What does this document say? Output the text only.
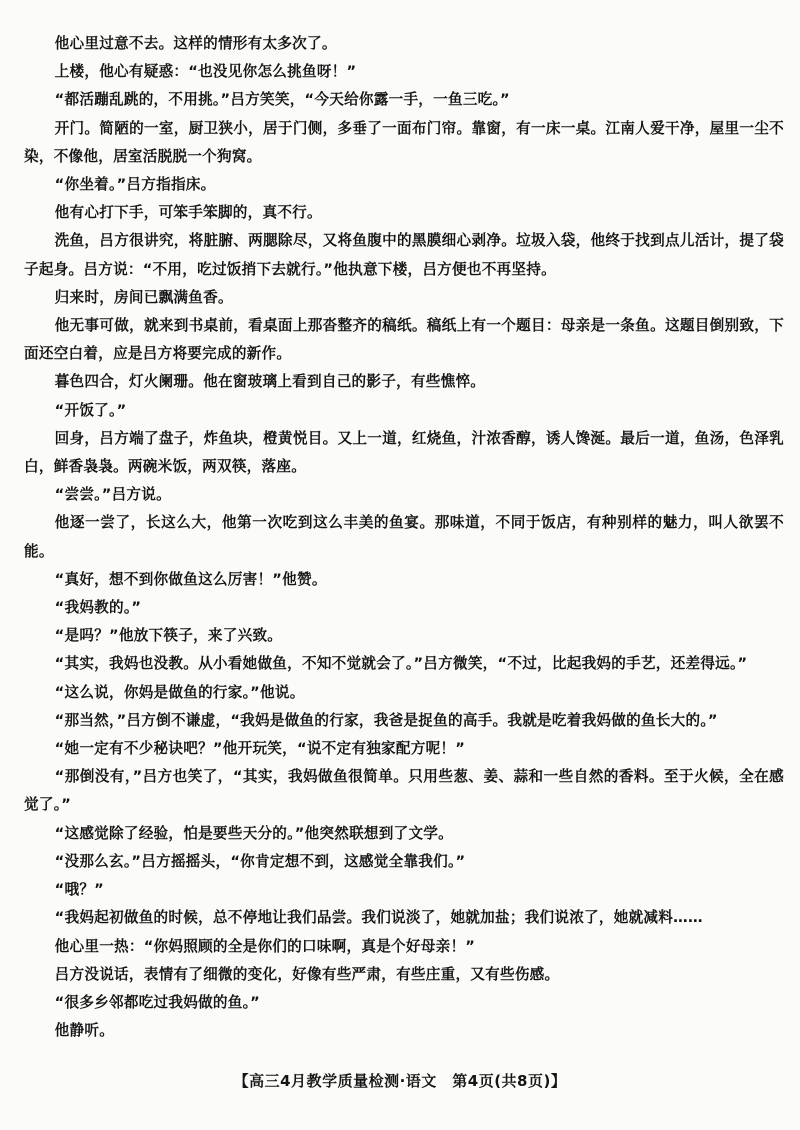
他心里过意不去。这样的情形有太多次了。

上楼，他心有疑惑：“也没见你怎么挑鱼呀！”

“都活蹦乱跳的，不用挑。”吕方笑笑，“今天给你露一手，一鱼三吃。”

开门。简陋的一室，厨卫狭小，居于门侧，多垂了一面布门帘。靠窗，有一床一桌。江南人爱干净，屋里一尘不染，不像他，居室活脱脱一个狗窝。

“你坐着。”吕方指指床。

他有心打下手，可笨手笨脚的，真不行。

洗鱼，吕方很讲究，将脏腑、两腮除尽，又将鱼腹中的黑膜细心剥净。垃圾入袋，他终于找到点儿活计，提了袋子起身。吕方说：“不用，吃过饭捎下去就行。”他执意下楼，吕方便也不再坚持。

归来时，房间已飘满鱼香。

他无事可做，就来到书桌前，看桌面上那沓整齐的稿纸。稿纸上有一个题目：母亲是一条鱼。这题目倒别致，下面还空白着，应是吕方将要完成的新作。

暮色四合，灯火阑珊。他在窗玻璃上看到自己的影子，有些憔悴。

“开饭了。”

回身，吕方端了盘子，炸鱼块，橙黄悦目。又上一道，红烧鱼，汁浓香醇，诱人馋涎。最后一道，鱼汤，色泽乳白，鲜香袅袅。两碗米饭，两双筷，落座。

“尝尝。”吕方说。

他逐一尝了，长这么大，他第一次吃到这么丰美的鱼宴。那味道，不同于饭店，有种别样的魅力，叫人欲罢不能。

“真好，想不到你做鱼这么厉害！”他赞。

“我妈教的。”

“是吗？”他放下筷子，来了兴致。

“其实，我妈也没教。从小看她做鱼，不知不觉就会了。”吕方微笑，“不过，比起我妈的手艺，还差得远。”

“这么说，你妈是做鱼的行家。”他说。

“那当然，”吕方倒不谦虚，“我妈是做鱼的行家，我爸是捉鱼的高手。我就是吃着我妈做的鱼长大的。”

“她一定有不少秘诀吧？”他开玩笑，“说不定有独家配方呢！”

“那倒没有，”吕方也笑了，“其实，我妈做鱼很简单。只用些葱、姜、蒜和一些自然的香料。至于火候，全在感觉了。”

“这感觉除了经验，怕是要些天分的。”他突然联想到了文学。

“没那么玄。”吕方摇摇头，“你肯定想不到，这感觉全靠我们。”

“哦？”

“我妈起初做鱼的时候，总不停地让我们品尝。我们说淡了，她就加盐；我们说浓了，她就减料……

他心里一热：“你妈照顾的全是你们的口味啊，真是个好母亲！”

吕方没说话，表情有了细微的变化，好像有些严肃，有些庄重，又有些伤感。

“很多乡邻都吃过我妈做的鱼。”

他静听。

【高三4月教学质量检测·语文　第4页(共8页)】
